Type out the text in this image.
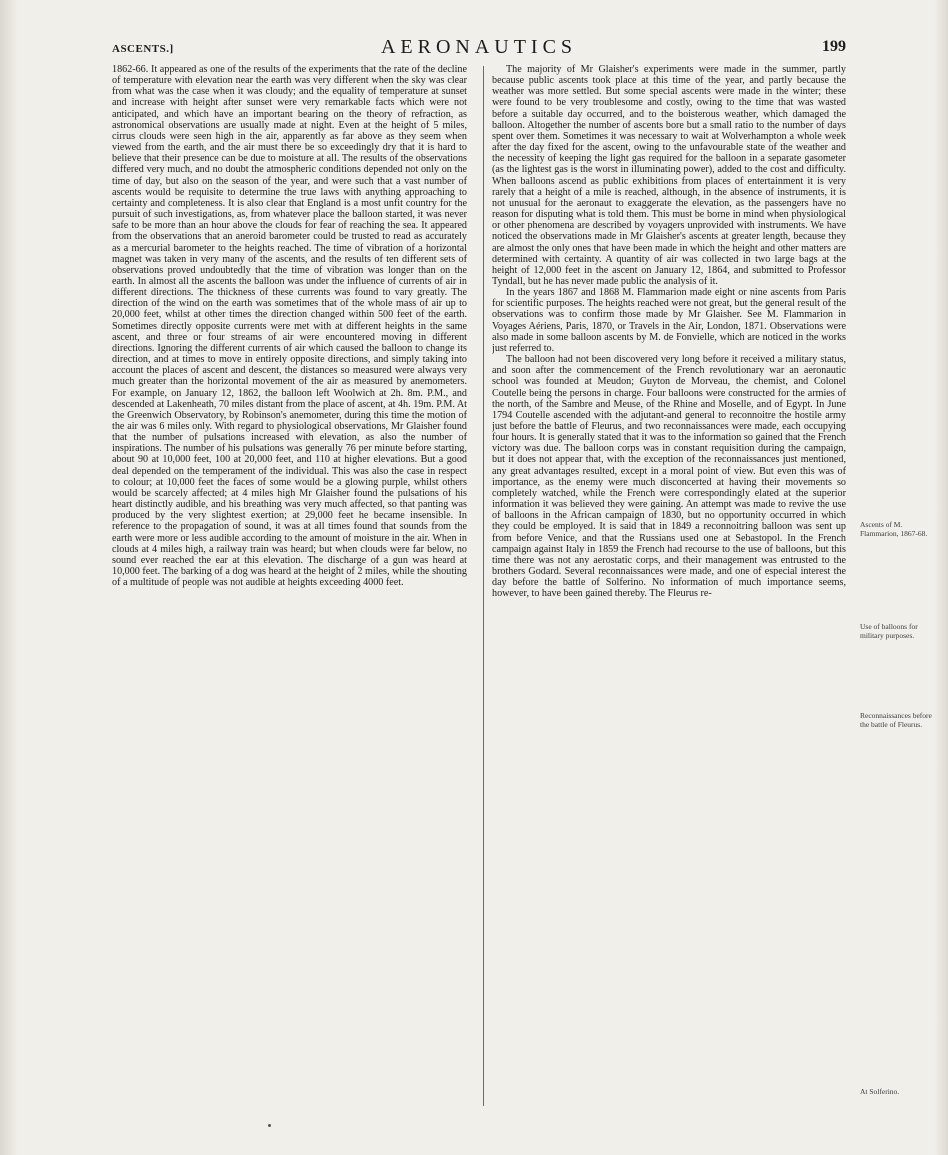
ASCENTS.]	AERONAUTICS	199

1862-66. It appeared as one of the results of the experiments that the rate of the decline of temperature with elevation near the earth was very different when the sky was clear from what was the case when it was cloudy; and the equality of temperature at sunset and increase with height after sunset were very remarkable facts which were not anticipated, and which have an important bearing on the theory of refraction, as astronomical observations are usually made at night. Even at the height of 5 miles, cirrus clouds were seen high in the air, apparently as far above as they seem when viewed from the earth, and the air must there be so exceedingly dry that it is hard to believe that their presence can be due to moisture at all. The results of the observations differed very much, and no doubt the atmospheric conditions depended not only on the time of day, but also on the season of the year, and were such that a vast number of ascents would be requisite to determine the true laws with anything approaching to certainty and completeness. It is also clear that England is a most unfit country for the pursuit of such investigations, as, from whatever place the balloon started, it was never safe to be more than an hour above the clouds for fear of reaching the sea. It appeared from the observations that an aneroid barometer could be trusted to read as accurately as a mercurial barometer to the heights reached. The time of vibration of a horizontal magnet was taken in very many of the ascents, and the results of ten different sets of observations proved undoubtedly that the time of vibration was longer than on the earth. In almost all the ascents the balloon was under the influence of currents of air in different directions. The thickness of these currents was found to vary greatly. The direction of the wind on the earth was sometimes that of the whole mass of air up to 20,000 feet, whilst at other times the direction changed within 500 feet of the earth. Sometimes directly opposite currents were met with at different heights in the same ascent, and three or four streams of air were encountered moving in different directions. Ignoring the different currents of air which caused the balloon to change its direction, and at times to move in entirely opposite directions, and simply taking into account the places of ascent and descent, the distances so measured were always very much greater than the horizontal movement of the air as measured by anemometers. For example, on January 12, 1862, the balloon left Woolwich at 2h. 8m. P.M., and descended at Lakenheath, 70 miles distant from the place of ascent, at 4h. 19m. P.M. At the Greenwich Observatory, by Robinson's anemometer, during this time the motion of the air was 6 miles only. With regard to physiological observations, Mr Glaisher found that the number of pulsations increased with elevation, as also the number of inspirations. The number of his pulsations was generally 76 per minute before starting, about 90 at 10,000 feet, 100 at 20,000 feet, and 110 at higher elevations. But a good deal depended on the temperament of the individual. This was also the case in respect to colour; at 10,000 feet the faces of some would be a glowing purple, whilst others would be scarcely affected; at 4 miles high Mr Glaisher found the pulsations of his heart distinctly audible, and his breathing was very much affected, so that panting was produced by the very slightest exertion; at 29,000 feet he became insensible. In reference to the propagation of sound, it was at all times found that sounds from the earth were more or less audible according to the amount of moisture in the air. When in clouds at 4 miles high, a railway train was heard; but when clouds were far below, no sound ever reached the ear at this elevation. The discharge of a gun was heard at 10,000 feet. The barking of a dog was heard at the height of 2 miles, while the shouting of a multitude of people was not audible at heights exceeding 4000 feet.

The majority of Mr Glaisher's experiments were made in the summer, partly because public ascents took place at this time of the year, and partly because the weather was more settled. But some special ascents were made in the winter; these were found to be very troublesome and costly, owing to the time that was wasted before a suitable day occurred, and to the boisterous weather, which damaged the balloon. Altogether the number of ascents bore but a small ratio to the number of days spent over them. Sometimes it was necessary to wait at Wolverhampton a whole week after the day fixed for the ascent, owing to the unfavourable state of the weather and the necessity of keeping the light gas required for the balloon in a separate gasometer (as the lightest gas is the worst in illuminating power), added to the cost and difficulty. When balloons ascend as public exhibitions from places of entertainment it is very rarely that a height of a mile is reached, although, in the absence of instruments, it is not unusual for the aeronaut to exaggerate the elevation, as the passengers have no reason for disputing what is told them. This must be borne in mind when physiological or other phenomena are described by voyagers unprovided with instruments. We have noticed the observations made in Mr Glaisher's ascents at greater length, because they are almost the only ones that have been made in which the height and other matters are determined with certainty. A quantity of air was collected in two large bags at the height of 12,000 feet in the ascent on January 12, 1864, and submitted to Professor Tyndall, but he has never made public the analysis of it.

In the years 1867 and 1868 M. Flammarion made eight or nine ascents from Paris for scientific purposes. The heights reached were not great, but the general result of the observations was to confirm those made by Mr Glaisher. See M. Flammarion in Voyages Aériens, Paris, 1870, or Travels in the Air, London, 1871. Observations were also made in some balloon ascents by M. de Fonvielle, which are noticed in the works just referred to.

The balloon had not been discovered very long before it received a military status, and soon after the commencement of the French revolutionary war an aeronautic school was founded at Meudon; Guyton de Morveau, the chemist, and Colonel Coutelle being the persons in charge. Four balloons were constructed for the armies of the north, of the Sambre and Meuse, of the Rhine and Moselle, and of Egypt. In June 1794 Coutelle ascended with the adjutant-and general to reconnoitre the hostile army just before the battle of Fleurus, and two reconnaissances were made, each occupying four hours. It is generally stated that it was to the information so gained that the French victory was due. The balloon corps was in constant requisition during the campaign, but it does not appear that, with the exception of the reconnaissances just mentioned, any great advantages resulted, except in a moral point of view. But even this was of importance, as the enemy were much disconcerted at having their movements so completely watched, while the French were correspondingly elated at the superior information it was believed they were gaining. An attempt was made to revive the use of balloons in the African campaign of 1830, but no opportunity occurred in which they could be employed. It is said that in 1849 a reconnoitring balloon was sent up from before Venice, and that the Russians used one at Sebastopol. In the French campaign against Italy in 1859 the French had recourse to the use of balloons, but this time there was not any aerostatic corps, and their management was entrusted to the brothers Godard. Several reconnaissances were made, and one of especial interest the day before the battle of Solferino. No information of much importance seems, however, to have been gained thereby. The Fleurus re-

Ascents of M. Flammarion, 1867-68.
Use of balloons for military purposes.
Reconnaissances before the battle of Fleurus.
At Solferino.
